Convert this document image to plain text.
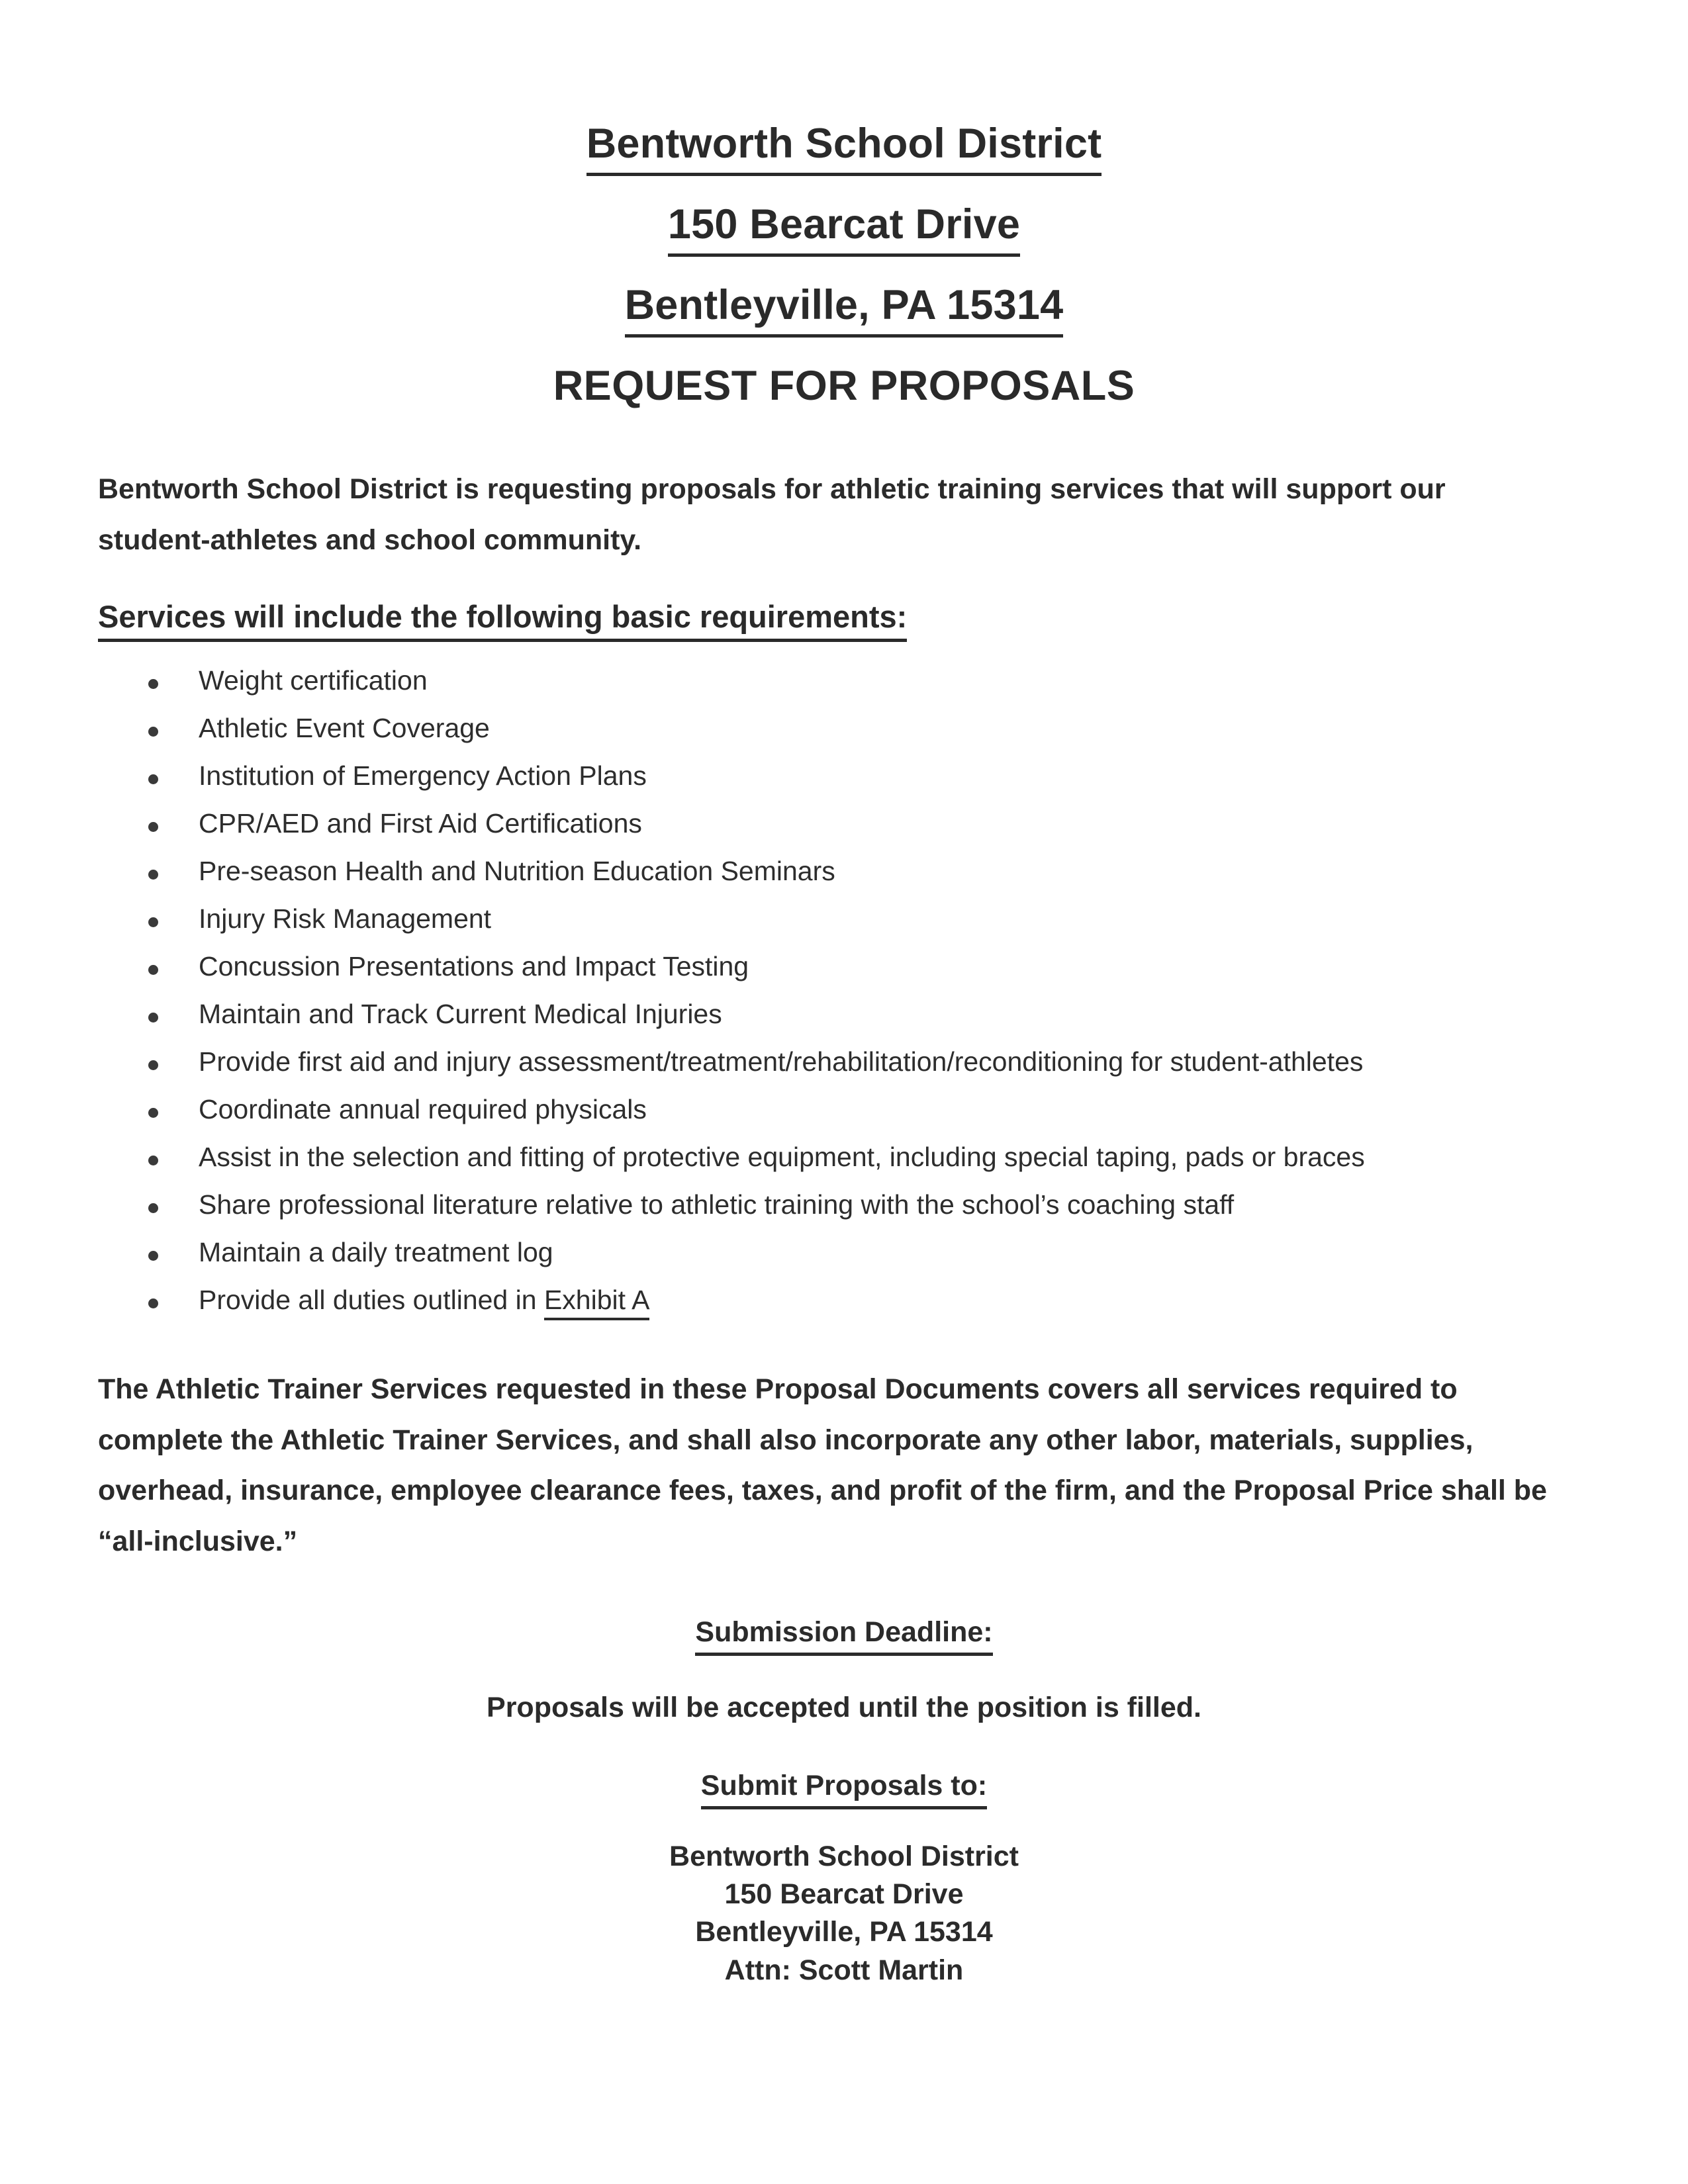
Bentworth School District
150 Bearcat Drive
Bentleyville, PA 15314
REQUEST FOR PROPOSALS

Bentworth School District is requesting proposals for athletic training services that will support our student-athletes and school community.

Services will include the following basic requirements:
Weight certification
Athletic Event Coverage
Institution of Emergency Action Plans
CPR/AED and First Aid Certifications
Pre-season Health and Nutrition Education Seminars
Injury Risk Management
Concussion Presentations and Impact Testing
Maintain and Track Current Medical Injuries
Provide first aid and injury assessment/treatment/rehabilitation/reconditioning for student-athletes
Coordinate annual required physicals
Assist in the selection and fitting of protective equipment, including special taping, pads or braces
Share professional literature relative to athletic training with the school’s coaching staff
Maintain a daily treatment log
Provide all duties outlined in Exhibit A

The Athletic Trainer Services requested in these Proposal Documents covers all services required to complete the Athletic Trainer Services, and shall also incorporate any other labor, materials, supplies, overhead, insurance, employee clearance fees, taxes, and profit of the firm, and the Proposal Price shall be “all-inclusive.”

Submission Deadline:
Proposals will be accepted until the position is filled.
Submit Proposals to:
Bentworth School District
150 Bearcat Drive
Bentleyville, PA 15314
Attn: Scott Martin
